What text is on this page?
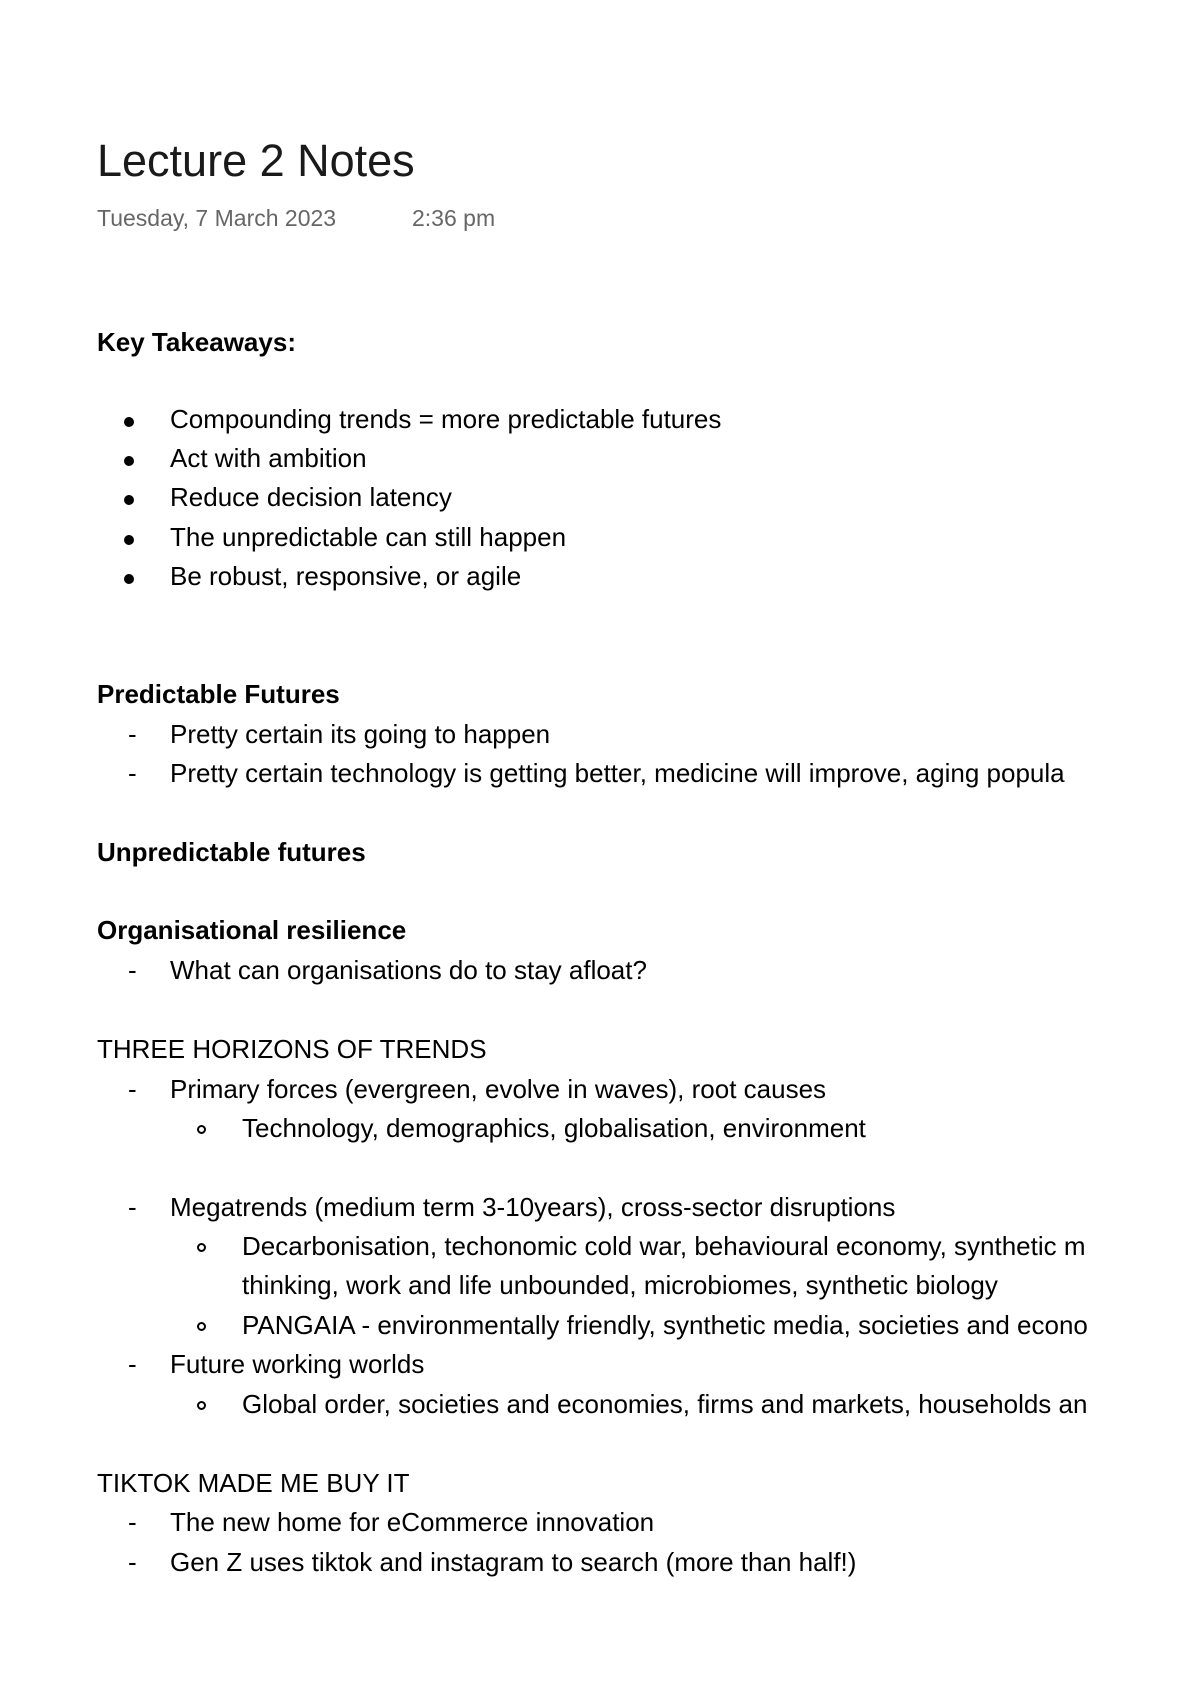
Lecture 2 Notes
Tuesday, 7 March 2023	2:36 pm
Key Takeaways:
Compounding trends = more predictable futures
Act with ambition
Reduce decision latency
The unpredictable can still happen
Be robust, responsive, or agile
Predictable Futures
- Pretty certain its going to happen
- Pretty certain technology is getting better, medicine will improve, aging popula
Unpredictable futures
Organisational resilience
- What can organisations do to stay afloat?
THREE HORIZONS OF TRENDS
- Primary forces (evergreen, evolve in waves), root causes
Technology, demographics, globalisation, environment
- Megatrends (medium term 3-10years), cross-sector disruptions
Decarbonisation, techonomic cold war, behavioural economy, synthetic m
thinking, work and life unbounded, microbiomes, synthetic biology
PANGAIA - environmentally friendly, synthetic media, societies and econo
- Future working worlds
Global order, societies and economies, firms and markets, households an
TIKTOK MADE ME BUY IT
- The new home for eCommerce innovation
- Gen Z uses tiktok and instagram to search (more than half!)
